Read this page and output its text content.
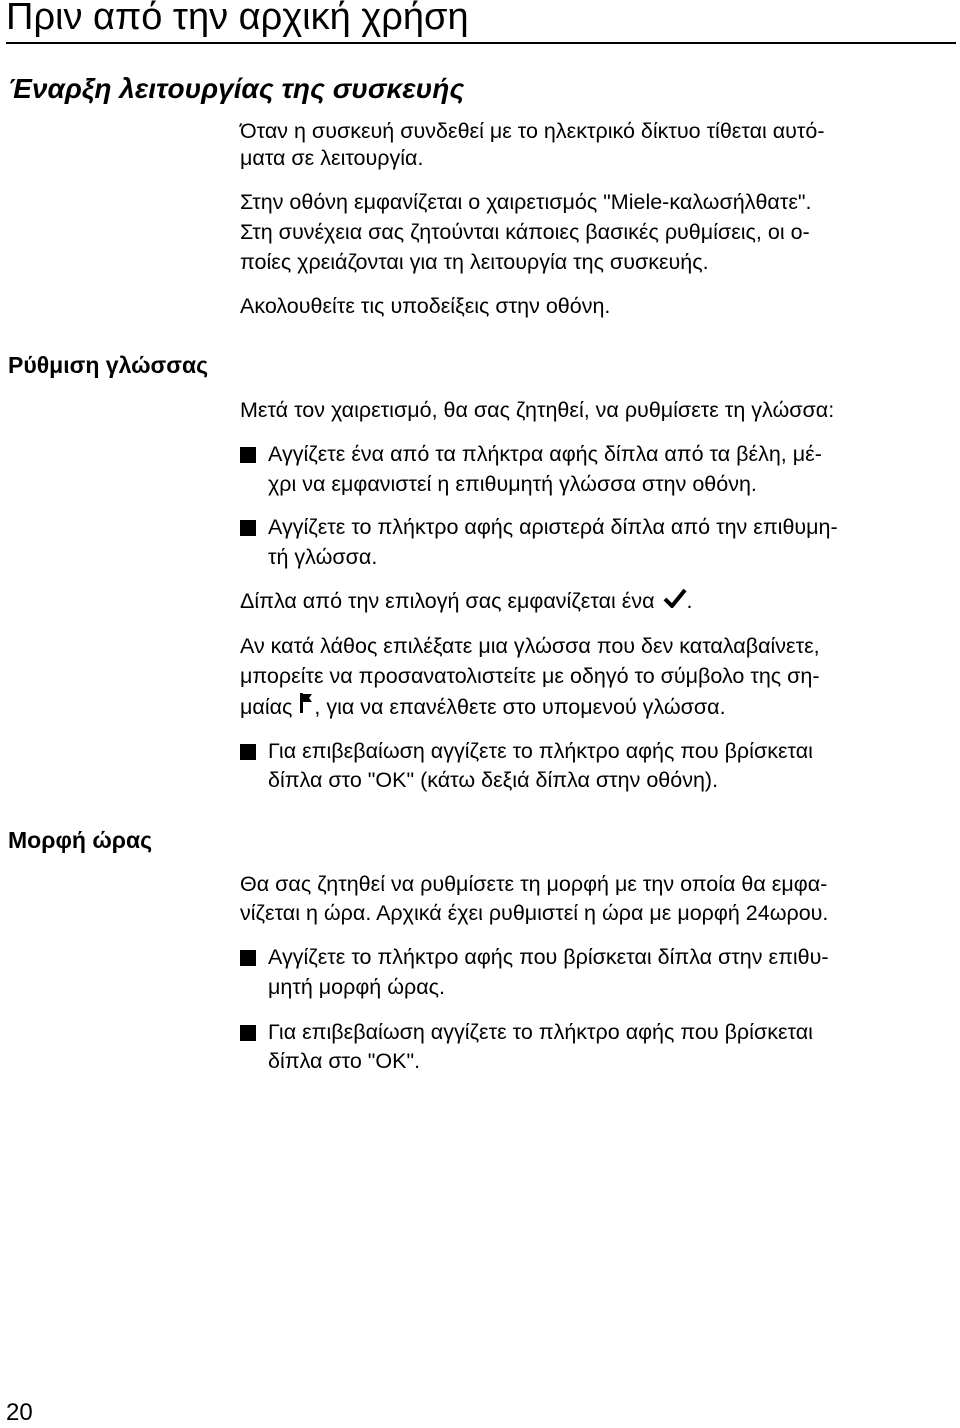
Πριν από την αρχική χρήση
Έναρξη λειτουργίας της συσκευής
Όταν η συσκευή συνδεθεί με το ηλεκτρικό δίκτυο τίθεται αυτό-
ματα σε λειτουργία.
Στην οθόνη εμφανίζεται ο χαιρετισμός "Miele-καλωσήλθατε".
Στη συνέχεια σας ζητούνται κάποιες βασικές ρυθμίσεις, οι ο-
ποίες χρειάζονται για τη λειτουργία της συσκευής.
Ακολουθείτε τις υποδείξεις στην οθόνη.
Ρύθμιση γλώσσας
Μετά τον χαιρετισμό, θα σας ζητηθεί, να ρυθμίσετε τη γλώσσα:
Αγγίζετε ένα από τα πλήκτρα αφής δίπλα από τα βέλη, μέ-
χρι να εμφανιστεί η επιθυμητή γλώσσα στην οθόνη.
Αγγίζετε το πλήκτρο αφής αριστερά δίπλα από την επιθυμη-
τή γλώσσα.
Δίπλα από την επιλογή σας εμφανίζεται ένα .
Αν κατά λάθος επιλέξατε μια γλώσσα που δεν καταλαβαίνετε,
μπορείτε να προσανατολιστείτε με οδηγό το σύμβολο της ση-
μαίας , για να επανέλθετε στο υπομενού γλώσσα.
Για επιβεβαίωση αγγίζετε το πλήκτρο αφής που βρίσκεται
δίπλα στο "OK" (κάτω δεξιά δίπλα στην οθόνη).
Μορφή ώρας
Θα σας ζητηθεί να ρυθμίσετε τη μορφή με την οποία θα εμφα-
νίζεται η ώρα. Αρχικά έχει ρυθμιστεί η ώρα με μορφή 24ωρου.
Αγγίζετε το πλήκτρο αφής που βρίσκεται δίπλα στην επιθυ-
μητή μορφή ώρας.
Για επιβεβαίωση αγγίζετε το πλήκτρο αφής που βρίσκεται
δίπλα στο "OK".
20
